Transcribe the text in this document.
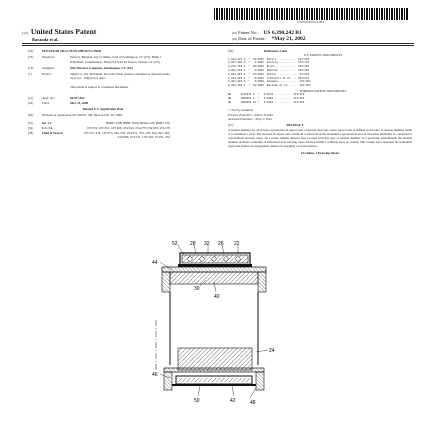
US006390242B1
(12) United States Patent
Baranda et al.
(10) Patent No.: US 6,390,242 B1
(45) Date of Patent: *May 21, 2002
(54)	ELEVATOR TRACTION SHEAVE LINER
(75)	Inventors:	Pedro S. Baranda, Ary O. Mello, both of Farmington, CT (US); Hugh J. O'Donnell, Longmeadow, MA (US); Karl M. Prewo, Vernon, CT (US)
(73)	Assignee:	Otis Elevator Company, Farmington, CT (US)
(*)	Notice:	Subject to any disclaimer, the term of this patent is extended or adjusted under 35 U.S.C. 154(b) by 0 days.

This patent is subject to a terminal disclaimer.
(21)	Appl. No.:	09/577,302
(22)	Filed:	May 24, 2000
Related U.S. Application Data
(62)	Division of application No. 09/031,108, filed on Feb. 26, 1998.
(51)	Int. Cl.	B66B 11/08; B66B 15/04; B66D 1/26; B66D 1/30
(52)	U.S. Cl.	187/254; 187/251; 187/266; 254/294; 254/278; 254/333; 474/178
(58)	Field of Search	187/251, 254, 187/255, 264, 266; 254/371, 333, 278, 294, 292, 393, 242/600; 474/131, 178; 902, 57/231, 232
(56)	References Cited
U.S. PATENT DOCUMENTS
1,164,115 A  *  12/1915  Peters ............ 187/254
2,037,189 A  *   4/1936  Geering ........... 474/178
3,279,762 A  *  10/1966  Bruns ............. 254/294
4,202,531 A  *   5/1980  Hamrick ........... 254/333
4,624,097 A  *  11/1986  Wilcox ............. 57/232
5,112,933 A  *   5/1992  O'Donnell et al. .. 254/371
5,881,843 A  *   3/1999  Goswami ............ 187/254
6,138,799 A  *  10/2000  Baranda et al. ..... 187/254
FOREIGN PATENT DOCUMENTS
GB      2127948 A  *   4/1984 ........... 474/178
GB      1566651 A  *   5/1980 ........... 474/862
SU      1801863 A1 *   3/1993 ........... 187/254
* cited by examiner
Primary Examiner—Eileen D Lillis
Assistant Examiner—Thuy V. Tran
(57)	ABSTRACT
A tension member for an elevator system has an aspect ratio of greater than one, where aspect ratio is defined as the ratio of tension member width w to thickness t (w/t). The increase in aspect ratio results in a reduction in the maximum rope pressure and an increased flexibility as compared to conventional elevator ropes. As a result, smaller sheaves may be used with this type of tension member. In a particular embodiment, the tension member includes a plurality of individual load carrying ropes encased within a common layer of coating. The coating layer separates the individual ropes and defines an engagement surface for engaging a traction sheave.
14 Claims, 3 Drawing Sheets
52 28 32 26 22
44
30
40
24
46
50	42	48
